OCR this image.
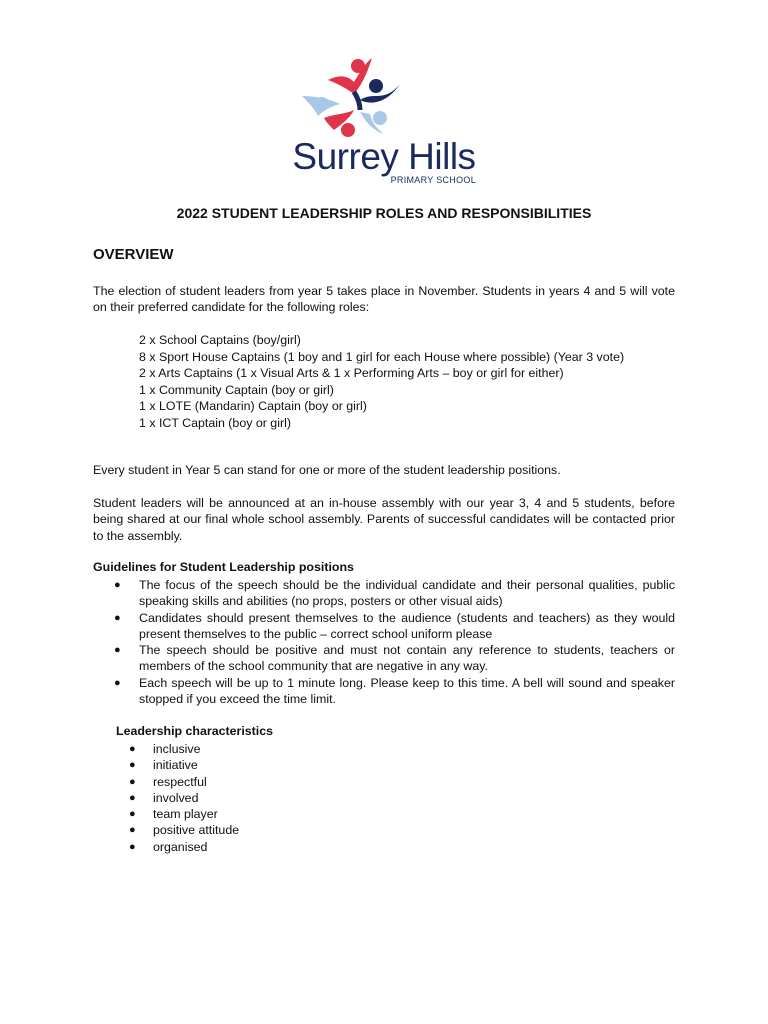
Surrey Hills
PRIMARY SCHOOL
2022 STUDENT LEADERSHIP ROLES AND RESPONSIBILITIES
OVERVIEW

The election of student leaders from year 5 takes place in November. Students in years 4 and 5 will vote on their preferred candidate for the following roles:

2 x School Captains (boy/girl)
8 x Sport House Captains (1 boy and 1 girl for each House where possible) (Year 3 vote)
2 x Arts Captains (1 x Visual Arts & 1 x Performing Arts – boy or girl for either)
1 x Community Captain (boy or girl)
1 x LOTE (Mandarin) Captain (boy or girl)
1 x ICT Captain (boy or girl)

Every student in Year 5 can stand for one or more of the student leadership positions.

Student leaders will be announced at an in-house assembly with our year 3, 4 and 5 students, before being shared at our final whole school assembly. Parents of successful candidates will be contacted prior to the assembly.

Guidelines for Student Leadership positions
● The focus of the speech should be the individual candidate and their personal qualities, public speaking skills and abilities (no props, posters or other visual aids)
● Candidates should present themselves to the audience (students and teachers) as they would present themselves to the public – correct school uniform please
● The speech should be positive and must not contain any reference to students, teachers or members of the school community that are negative in any way.
● Each speech will be up to 1 minute long. Please keep to this time. A bell will sound and speaker stopped if you exceed the time limit.
Leadership characteristics
● inclusive
● initiative
● respectful
● involved
● team player
● positive attitude
● organised
